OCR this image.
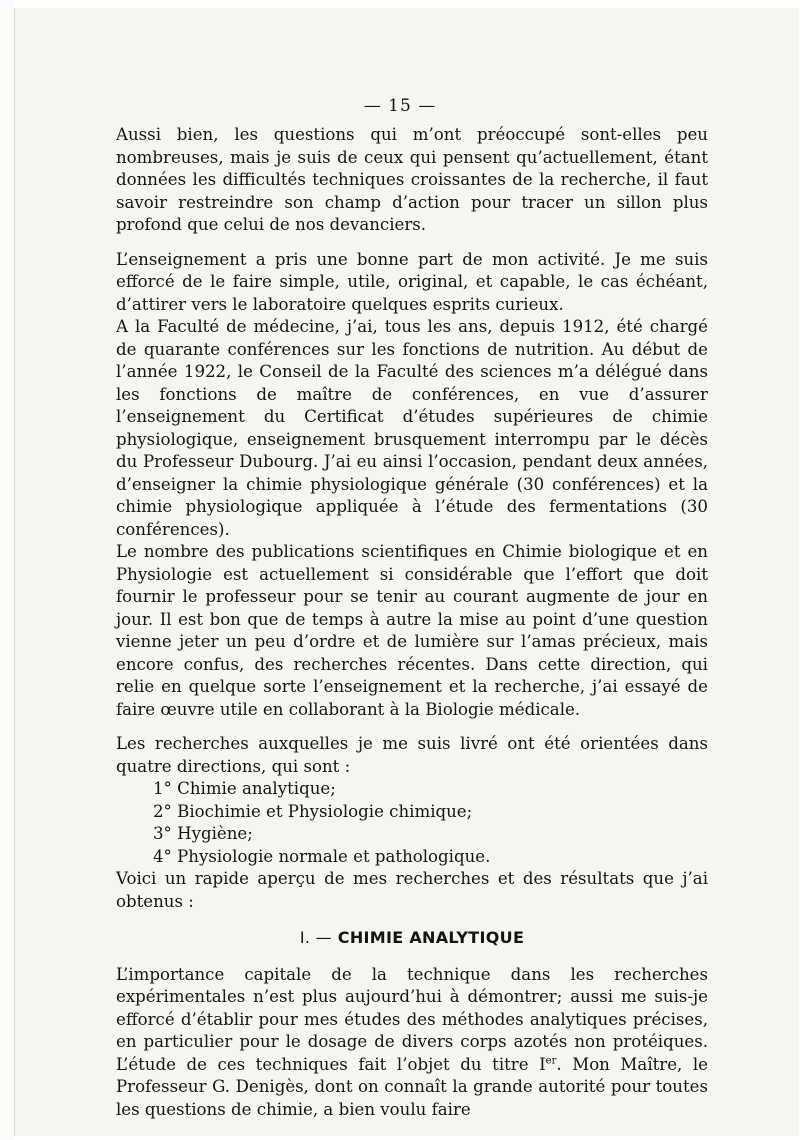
— 15 —

Aussi bien, les questions qui m’ont préoccupé sont-elles peu nombreuses, mais je suis de ceux qui pensent qu’actuellement, étant données les difficultés techniques croissantes de la recherche, il faut savoir restreindre son champ d’action pour tracer un sillon plus profond que celui de nos devanciers.

L’enseignement a pris une bonne part de mon activité. Je me suis efforcé de le faire simple, utile, original, et capable, le cas échéant, d’attirer vers le laboratoire quelques esprits curieux.

A la Faculté de médecine, j’ai, tous les ans, depuis 1912, été chargé de quarante conférences sur les fonctions de nutrition. Au début de l’année 1922, le Conseil de la Faculté des sciences m’a délégué dans les fonctions de maître de conférences, en vue d’assurer l’enseignement du Certificat d’études supérieures de chimie physiologique, enseignement brusquement interrompu par le décès du Professeur Dubourg. J’ai eu ainsi l’occasion, pendant deux années, d’enseigner la chimie physiologique générale (30 conférences) et la chimie physiologique appliquée à l’étude des fermentations (30 conférences).

Le nombre des publications scientifiques en Chimie biologique et en Physiologie est actuellement si considérable que l’effort que doit fournir le professeur pour se tenir au courant augmente de jour en jour. Il est bon que de temps à autre la mise au point d’une question vienne jeter un peu d’ordre et de lumière sur l’amas précieux, mais encore confus, des recherches récentes. Dans cette direction, qui relie en quelque sorte l’enseignement et la recherche, j’ai essayé de faire œuvre utile en collaborant à la Biologie médicale.

Les recherches auxquelles je me suis livré ont été orientées dans quatre directions, qui sont :

1° Chimie analytique;

2° Biochimie et Physiologie chimique;

3° Hygiène;

4° Physiologie normale et pathologique.

Voici un rapide aperçu de mes recherches et des résultats que j’ai obtenus :

I. — CHIMIE ANALYTIQUE

L’importance capitale de la technique dans les recherches expérimentales n’est plus aujourd’hui à démontrer; aussi me suis-je efforcé d’établir pour mes études des méthodes analytiques précises, en particulier pour le dosage de divers corps azotés non protéiques. L’étude de ces techniques fait l’objet du titre Ier. Mon Maître, le Professeur G. Denigès, dont on connaît la grande autorité pour toutes les questions de chimie, a bien voulu faire
